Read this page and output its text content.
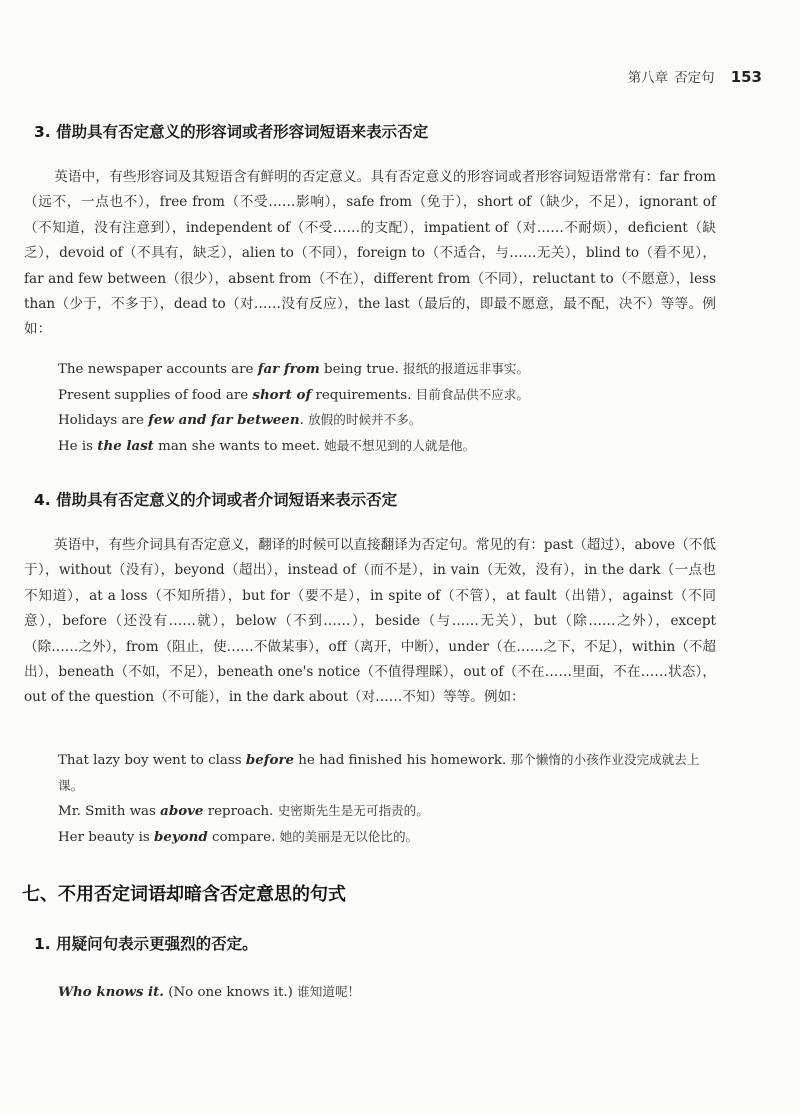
第八章 否定句 153
3. 借助具有否定意义的形容词或者形容词短语来表示否定
英语中，有些形容词及其短语含有鲜明的否定意义。具有否定意义的形容词或者形容词短语常常有：far from（远不，一点也不），free from（不受……影响），safe from（免于），short of（缺少，不足），ignorant of（不知道，没有注意到），independent of（不受……的支配），impatient of（对……不耐烦），deficient（缺乏），devoid of（不具有，缺乏），alien to（不同），foreign to（不适合，与……无关），blind to（看不见），far and few between（很少），absent from（不在），different from（不同），reluctant to（不愿意），less than（少于，不多于），dead to（对……没有反应），the last（最后的，即最不愿意，最不配，决不）等等。例如：
The newspaper accounts are far from being true. 报纸的报道远非事实。
Present supplies of food are short of requirements. 目前食品供不应求。
Holidays are few and far between. 放假的时候并不多。
He is the last man she wants to meet. 她最不想见到的人就是他。
4. 借助具有否定意义的介词或者介词短语来表示否定
英语中，有些介词具有否定意义，翻译的时候可以直接翻译为否定句。常见的有：past（超过），above（不低于），without（没有），beyond（超出），instead of（而不是），in vain（无效，没有），in the dark（一点也不知道），at a loss（不知所措），but for（要不是），in spite of（不管），at fault（出错），against（不同意），before（还没有……就），below（不到……），beside（与……无关），but（除……之外），except（除……之外），from（阻止，使……不做某事），off（离开，中断），under（在……之下，不足），within（不超出），beneath（不如，不足），beneath one's notice（不值得理睬），out of（不在……里面，不在……状态），out of the question（不可能），in the dark about（对……不知）等等。例如：
That lazy boy went to class before he had finished his homework. 那个懒惰的小孩作业没完成就去上课。
Mr. Smith was above reproach. 史密斯先生是无可指责的。
Her beauty is beyond compare. 她的美丽是无以伦比的。
七、不用否定词语却暗含否定意思的句式
1. 用疑问句表示更强烈的否定。
Who knows it. (No one knows it.) 谁知道呢！
